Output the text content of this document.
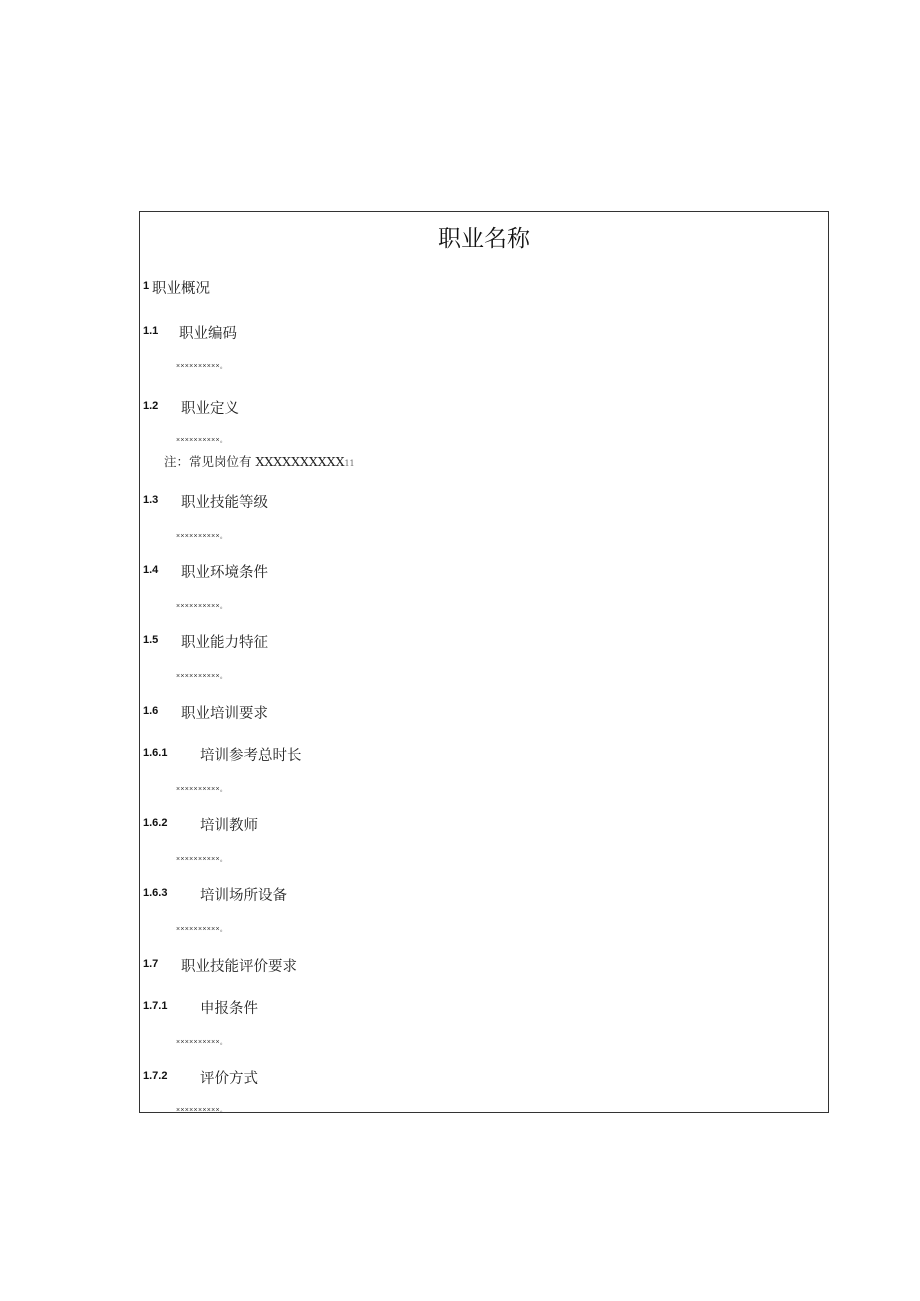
职业名称
1 职业概况
1.1 职业编码
××××××××××。
1.2 职业定义
××××××××××。
注：常见岗位有 XXXXXXXXXX11
1.3 职业技能等级
××××××××××。
1.4 职业环境条件
××××××××××。
1.5 职业能力特征
××××××××××。
1.6 职业培训要求
1.6.1 培训参考总时长
××××××××××。
1.6.2 培训教师
××××××××××。
1.6.3 培训场所设备
××××××××××。
1.7 职业技能评价要求
1.7.1 申报条件
××××××××××。
1.7.2 评价方式
××××××××××。
